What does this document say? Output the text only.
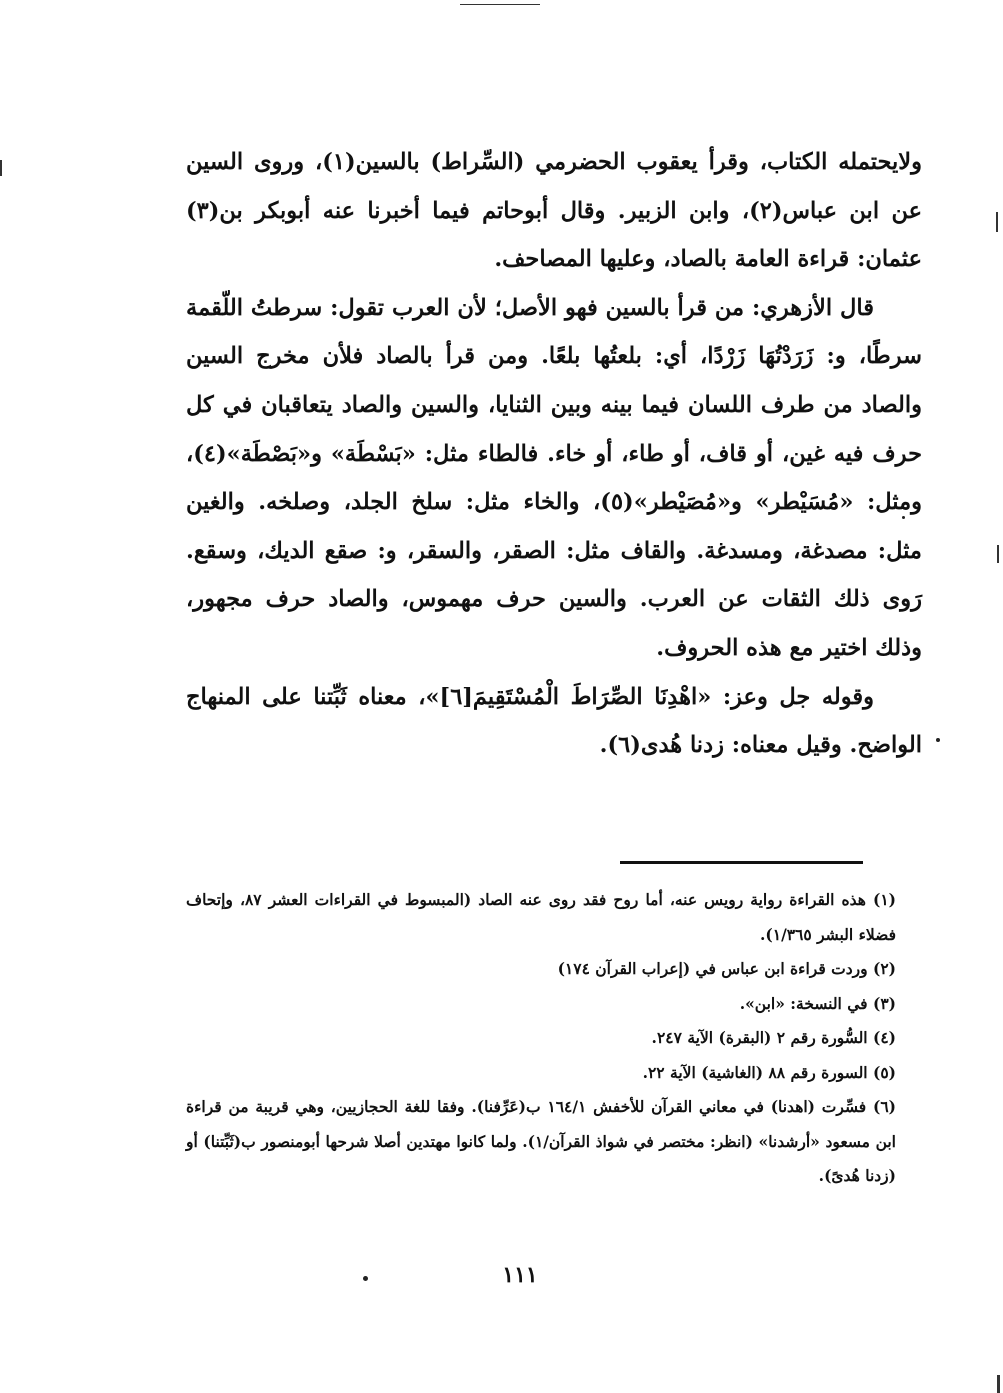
ولايحتمله الكتاب، وقرأ يعقوب الحضرمي (السِّراط) بالسين(١)، وروى السين عن ابن عباس(٢)، وابن الزبير. وقال أبوحاتم فيما أخبرنا عنه أبوبكر بن(٣) عثمان: قراءة العامة بالصاد، وعليها المصاحف.

قال الأزهري: من قرأ بالسين فهو الأصل؛ لأن العرب تقول: سرطتُ اللّقمة سرطًا، و: زَرَدْتُهَا زَرْدًا، أي: بلعتُها بلعًا. ومن قرأ بالصاد فلأن مخرج السين والصاد من طرف اللسان فيما بينه وبين الثنايا، والسين والصاد يتعاقبان في كل حرف فيه غين، أو قاف، أو طاء، أو خاء. فالطاء مثل: «بَسْطَة» و«بَصْطَة»(٤)، ومثل: «مُسَيْطر» و«مُصَيْطر»(٥)، والخاء مثل: سلخ الجلد، وصلخه. والغين مثل: مصدغة، ومسدغة. والقاف مثل: الصقر، والسقر، و: صقع الديك، وسقع. رَوى ذلك الثقات عن العرب. والسين حرف مهموس، والصاد حرف مجهور، وذلك اختير مع هذه الحروف.

وقوله جل وعز: «اهْدِنَا الصِّرَاطَ الْمُسْتَقِيمَ[٦]»، معناه ثَبِّتنا على المنهاج الواضح. وقيل معناه: زدنا هُدى(٦).

(١) هذه القراءة رواية رويس عنه، أما روح فقد روى عنه الصاد (المبسوط في القراءات العشر ٨٧، وإتحاف فضلاء البشر ١/٣٦٥).

(٢) وردت قراءة ابن عباس في (إعراب القرآن ١٧٤)

(٣) في النسخة: «ابن».

(٤) السُّورة رقم ٢ (البقرة) الآية ٢٤٧.

(٥) السورة رقم ٨٨ (الغاشية) الآية ٢٢.

(٦) فسِّرت (اهدنا) في معاني القرآن للأخفش ١٦٤/١ ب(عَرِّفنا). وفقا للغة الحجازيين، وهي قريبة من قراءة ابن مسعود «أرشدنا» (انظر: مختصر في شواذ القرآن/١). ولما كانوا مهتدين أصلا شرحها أبومنصور ب(ثَبِّتنا) أو (زدنا هُدىً).

١١١
